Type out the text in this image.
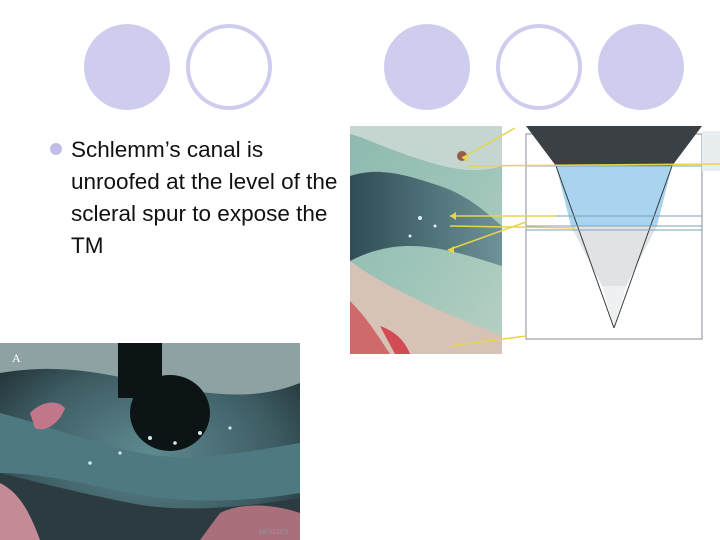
Schlemm’s canal is unroofed at the level of the scleral spur to expose the TM
A
MENEZES
